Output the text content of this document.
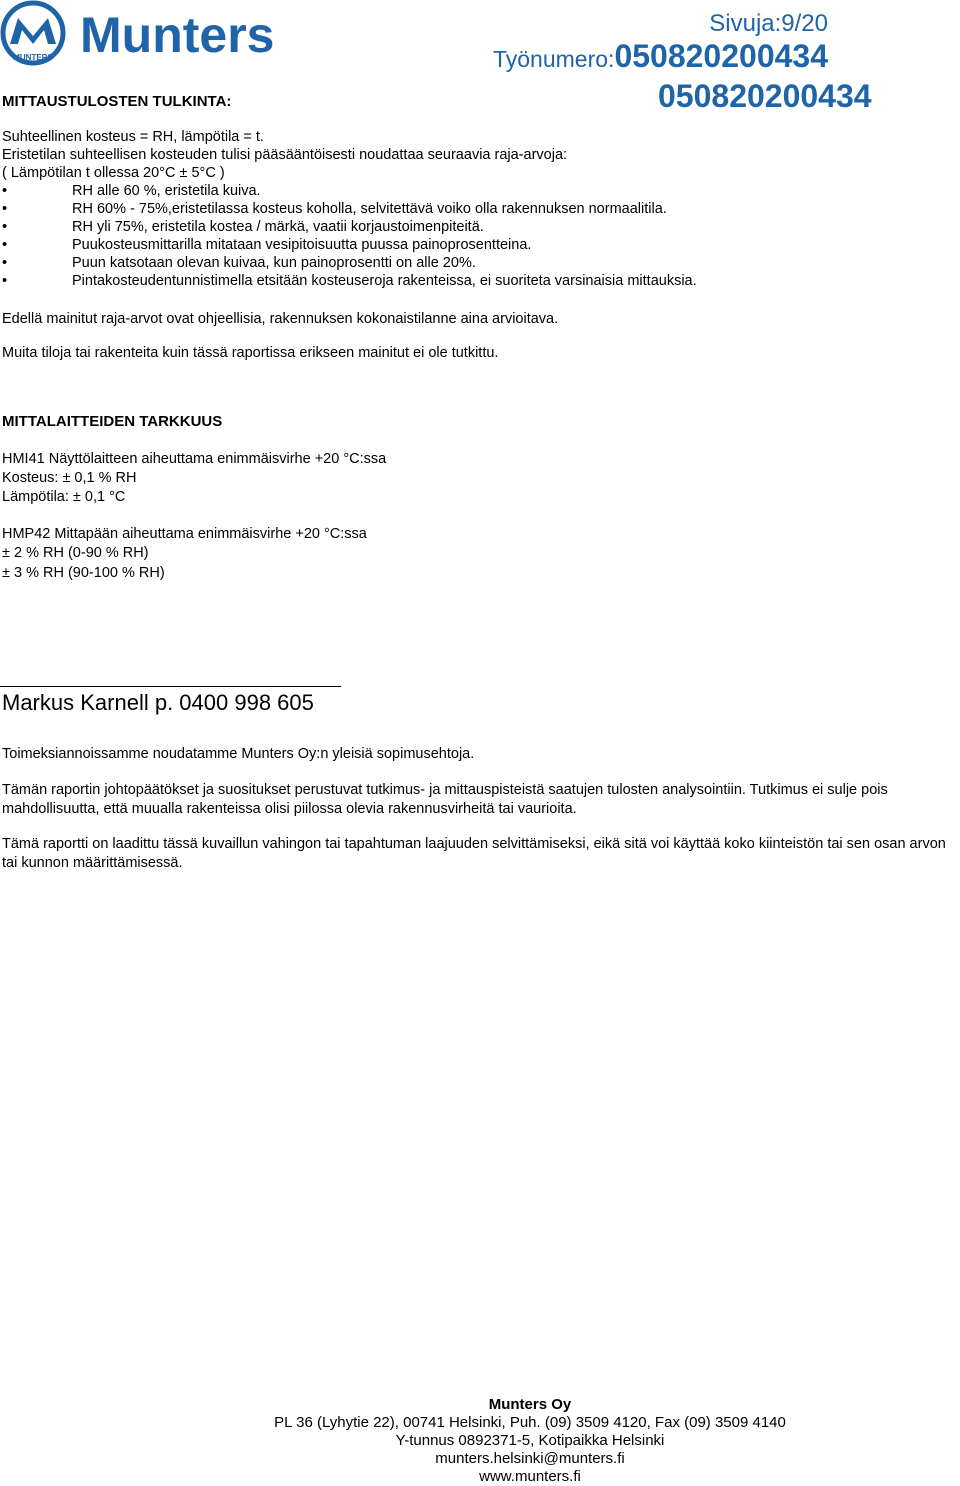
MUNTERS Munters	Sivuja:9/20
Työnumero:050820200434
050820200434
MITTAUSTULOSTEN TULKINTA:
Suhteellinen kosteus = RH, lämpötila = t.
Eristetilan suhteellisen kosteuden tulisi pääsääntöisesti noudattaa seuraavia raja-arvoja:
( Lämpötilan t ollessa 20°C ± 5°C )
•	RH alle 60 %, eristetila kuiva.
•	RH 60% - 75%,eristetilassa kosteus koholla, selvitettävä voiko olla rakennuksen normaalitila.
•	RH yli 75%, eristetila kostea / märkä, vaatii korjaustoimenpiteitä.
•	Puukosteusmittarilla mitataan vesipitoisuutta puussa painoprosentteina.
•	Puun katsotaan olevan kuivaa, kun painoprosentti on alle 20%.
•	Pintakosteudentunnistimella etsitään kosteuseroja rakenteissa, ei suoriteta varsinaisia mittauksia.
Edellä mainitut raja-arvot ovat ohjeellisia, rakennuksen kokonaistilanne aina arvioitava.
Muita tiloja tai rakenteita kuin tässä raportissa erikseen mainitut ei ole tutkittu.
MITTALAITTEIDEN TARKKUUS
HMI41 Näyttölaitteen aiheuttama enimmäisvirhe +20 °C:ssa
Kosteus: ± 0,1 % RH
Lämpötila: ± 0,1 °C
HMP42 Mittapään aiheuttama enimmäisvirhe +20 °C:ssa
± 2 % RH (0-90 % RH)
± 3 % RH (90-100 % RH)
Markus Karnell p. 0400 998 605
Toimeksiannoissamme noudatamme Munters Oy:n yleisiä sopimusehtoja.
Tämän raportin johtopäätökset ja suositukset perustuvat tutkimus- ja mittauspisteistä saatujen tulosten analysointiin. Tutkimus ei sulje pois mahdollisuutta, että muualla rakenteissa olisi piilossa olevia rakennusvirheitä tai vaurioita.
Tämä raportti on laadittu tässä kuvaillun vahingon tai tapahtuman laajuuden selvittämiseksi, eikä sitä voi käyttää koko kiinteistön tai sen osan arvon tai kunnon määrittämisessä.
Munters Oy
PL 36 (Lyhytie 22), 00741 Helsinki, Puh. (09) 3509 4120, Fax (09) 3509 4140
Y-tunnus 0892371-5, Kotipaikka Helsinki
munters.helsinki@munters.fi
www.munters.fi
